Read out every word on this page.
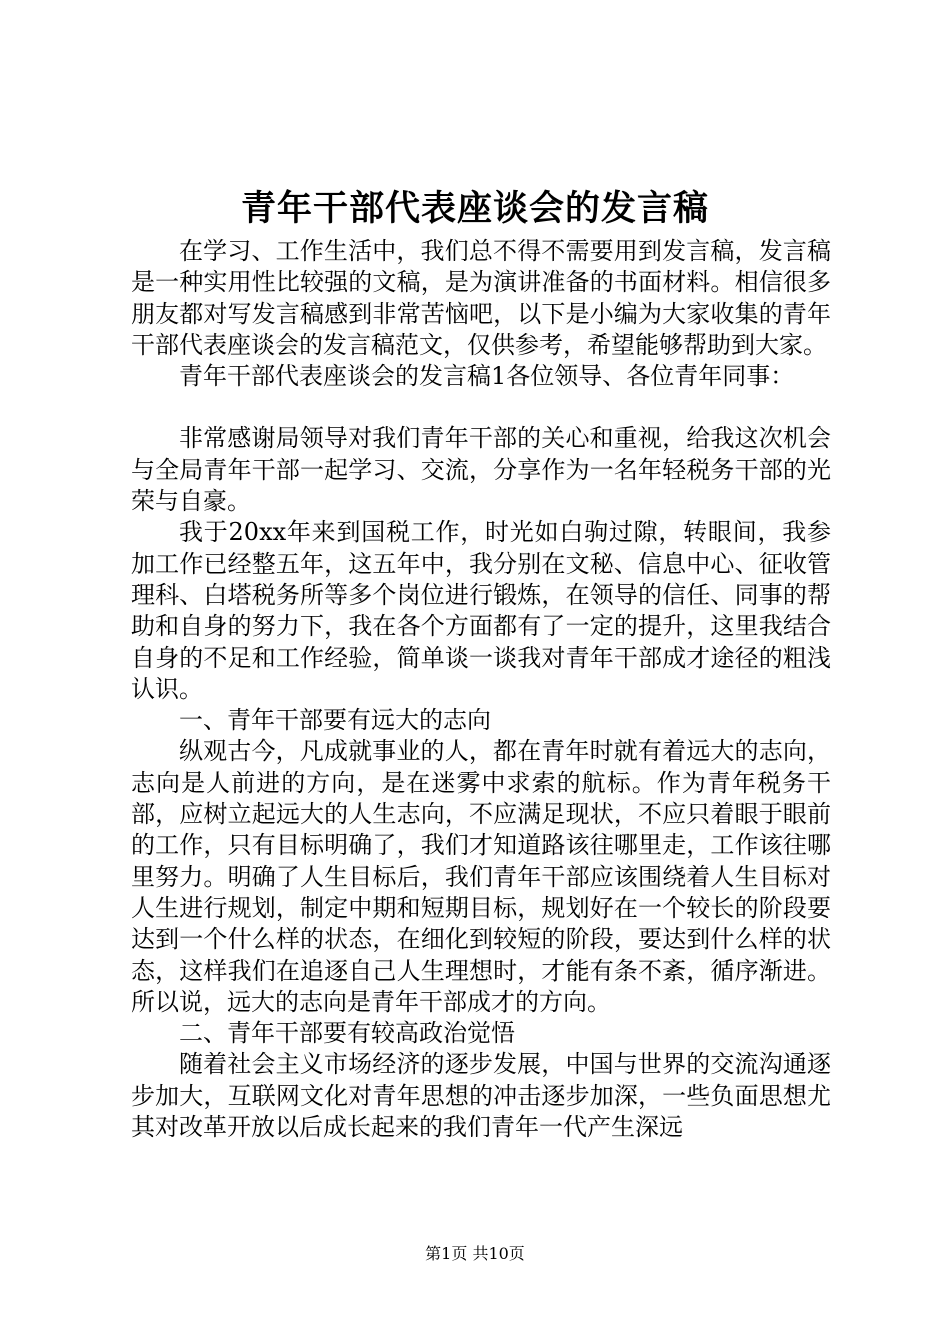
青年干部代表座谈会的发言稿

在学习、工作生活中，我们总不得不需要用到发言稿，发言稿是一种实用性比较强的文稿，是为演讲准备的书面材料。相信很多朋友都对写发言稿感到非常苦恼吧，以下是小编为大家收集的青年干部代表座谈会的发言稿范文，仅供参考，希望能够帮助到大家。

青年干部代表座谈会的发言稿1各位领导、各位青年同事：

非常感谢局领导对我们青年干部的关心和重视，给我这次机会与全局青年干部一起学习、交流，分享作为一名年轻税务干部的光荣与自豪。

我于20xx年来到国税工作，时光如白驹过隙，转眼间，我参加工作已经整五年，这五年中，我分别在文秘、信息中心、征收管理科、白塔税务所等多个岗位进行锻炼，在领导的信任、同事的帮助和自身的努力下，我在各个方面都有了一定的提升，这里我结合自身的不足和工作经验，简单谈一谈我对青年干部成才途径的粗浅认识。

一、青年干部要有远大的志向

纵观古今，凡成就事业的人，都在青年时就有着远大的志向，志向是人前进的方向，是在迷雾中求索的航标。作为青年税务干部，应树立起远大的人生志向，不应满足现状，不应只着眼于眼前的工作，只有目标明确了，我们才知道路该往哪里走，工作该往哪里努力。明确了人生目标后，我们青年干部应该围绕着人生目标对人生进行规划，制定中期和短期目标，规划好在一个较长的阶段要达到一个什么样的状态，在细化到较短的阶段，要达到什么样的状态，这样我们在追逐自己人生理想时，才能有条不紊，循序渐进。所以说，远大的志向是青年干部成才的方向。

二、青年干部要有较高政治觉悟

随着社会主义市场经济的逐步发展，中国与世界的交流沟通逐步加大，互联网文化对青年思想的冲击逐步加深，一些负面思想尤其对改革开放以后成长起来的我们青年一代产生深远

第1页 共10页
